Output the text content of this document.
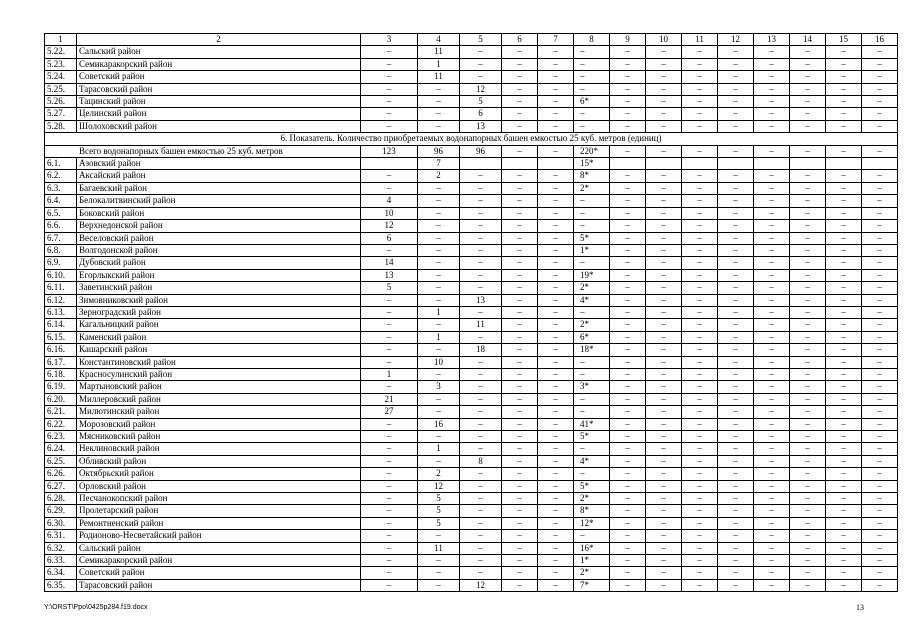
1	2	3	4	5	6	7	8	9	10	11	12	13	14	15	16
5.22.	Сальский район	–	11	–	–	–	–	–	–	–	–	–	–	–	–
5.23.	Семикаракорский район	–	1	–	–	–	–	–	–	–	–	–	–	–	–
5.24.	Советский район	–	11	–	–	–	–	–	–	–	–	–	–	–	–
5.25.	Тарасовский район	–	–	12	–	–	–	–	–	–	–	–	–	–	–
5.26.	Тацинский район	–	–	5	–	–	6*	–	–	–	–	–	–	–	–
5.27.	Целинский район	–	–	6	–	–	–	–	–	–	–	–	–	–	–
5.28.	Шолоховский район	–	–	13	–	–	–	–	–	–	–	–	–	–	–
6. Показатель. Количество приобретаемых водонапорных башен емкостью 25 куб. метров (единиц)															
Всего водонапорных башен емкостью 25 куб. метров		123	96	96	–	–	220*	–	–	–	–	–	–	–	–
6.1.	Азовский район		7				15*								
6.2.	Аксайский район	–	2	–	–	–	8*	–	–	–	–	–	–	–	–
6.3.	Багаевский район	–	–	–	–	–	2*	–	–	–	–	–	–	–	–
6.4.	Белокалитвинский район	4	–	–	–	–	–	–	–	–	–	–	–	–	–
6.5.	Боковский район	10	–	–	–	–	–	–	–	–	–	–	–	–	–
6.6.	Верхнедонской район	12	–	–	–	–	–	–	–	–	–	–	–	–	–
6.7.	Веселовский район	6	–	–	–	–	5*	–	–	–	–	–	–	–	–
6.8.	Волгодонской район	–	–	–	–	–	1*	–	–	–	–	–	–	–	–
6.9.	Дубовский район	14	–	–	–	–	–	–	–	–	–	–	–	–	–
6.10.	Егорлыкский район	13	–	–	–	–	19*	–	–	–	–	–	–	–	–
6.11.	Заветинский район	5	–	–	–	–	2*	–	–	–	–	–	–	–	–
6.12.	Зимовниковский район	–	–	13	–	–	4*	–	–	–	–	–	–	–	–
6.13.	Зерноградский район	–	1	–	–	–	–	–	–	–	–	–	–	–	–
6.14.	Кагальницкий район	–	–	11	–	–	2*	–	–	–	–	–	–	–	–
6.15.	Каменский район	–	1	–	–	–	6*	–	–	–	–	–	–	–	–
6.16.	Кашарский район	–	–	18	–	–	18*	–	–	–	–	–	–	–	–
6.17.	Константиновский район	–	10	–	–	–	–	–	–	–	–	–	–	–	–
6.18.	Красносулинский район	1	–	–	–	–	–	–	–	–	–	–	–	–	–
6.19.	Мартыновский район	–	3	–	–	–	3*	–	–	–	–	–	–	–	–
6.20.	Миллеровский район	21	–	–	–	–	–	–	–	–	–	–	–	–	–
6.21.	Милютинский район	27	–	–	–	–	–	–	–	–	–	–	–	–	–
6.22.	Морозовский район	–	16	–	–	–	41*	–	–	–	–	–	–	–	–
6.23.	Мясниковский район	–	–	–	–	–	5*	–	–	–	–	–	–	–	–
6.24.	Неклиновский район	–	1	–	–	–	–	–	–	–	–	–	–	–	–
6.25.	Обливский район	–	–	8	–	–	4*	–	–	–	–	–	–	–	–
6.26.	Октябрьский район	–	2	–	–	–	–	–	–	–	–	–	–	–	–
6.27.	Орловский район	–	12	–	–	–	5*	–	–	–	–	–	–	–	–
6.28.	Песчанокопский район	–	5	–	–	–	2*	–	–	–	–	–	–	–	–
6.29.	Пролетарский район	–	5	–	–	–	8*	–	–	–	–	–	–	–	–
6.30.	Ремонтненский район	–	5	–	–	–	12*	–	–	–	–	–	–	–	–
6.31.	Родионово-Несветайский район	–	–	–	–	–	–	–	–	–	–	–	–	–	–
6.32.	Сальский район	–	11	–	–	–	16*	–	–	–	–	–	–	–	–
6.33.	Семикаракорский район	–	–	–	–	–	1*	–	–	–	–	–	–	–	–
6.34.	Советский район	–	–	–	–	–	2*	–	–	–	–	–	–	–	–
6.35.	Тарасовский район	–	–	12	–	–	7*	–	–	–	–	–	–	–	–
Y:\ORST\Ppo\0425p284.f19.docx	13
